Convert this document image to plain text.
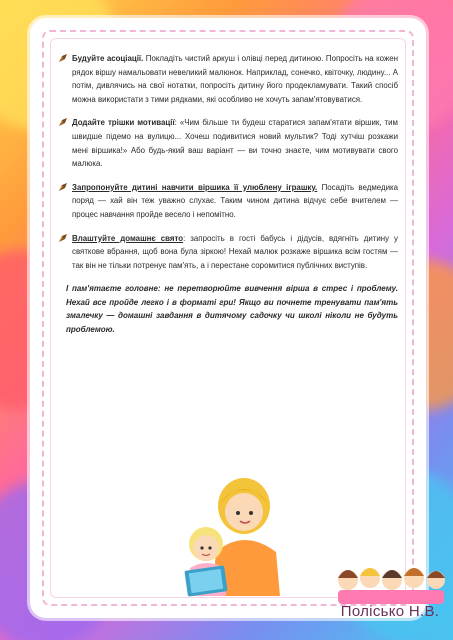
Будуйте асоціації. Покладіть чистий аркуш і олівці перед дитиною. Попросіть на кожен рядок віршу намальовати невеликий малюнок. Наприклад, сонечко, квіточку, людину... А потім, дивлячись на свої нотатки, попросіть дитину його продекламувати. Такий спосіб можна використати з тими рядками, які особливо не хочуть запам'ятовуватися.

Додайте трішки мотивації: «Чим більше ти будеш старатися запам'ятати віршик, тим швидше підемо на вулицю... Хочеш подивитися новий мультик? Тоді хутчіш розкажи мені віршика!» Або будь-який ваш варіант — ви точно знаєте, чим мотивувати свого малюка.

Запропонуйте дитині навчити віршика її улюблену іграшку. Посадіть ведмедика поряд — хай він теж уважно слухає. Таким чином дитина відчує себе вчителем — процес навчання пройде весело і непомітно.

Влаштуйте домашнє свято: запросіть в гості бабусь і дідусів, вдягніть дитину у святкове вбрання, щоб вона була зіркою! Нехай малюк розкаже віршика всім гостям — так він не тільки потренує пам'ять, а і перестане соромитися публічних виступів.

І пам'ятаєте головне: не перетворюйте вивчення вірша в стрес і проблему. Нехай все пройде легко і в форматі гри! Якщо ви почнете тренувати пам'ять змалечку — домашні завдання в дитячому садочку чи школі ніколи не будуть проблемою.

Поліcько Н.В.
